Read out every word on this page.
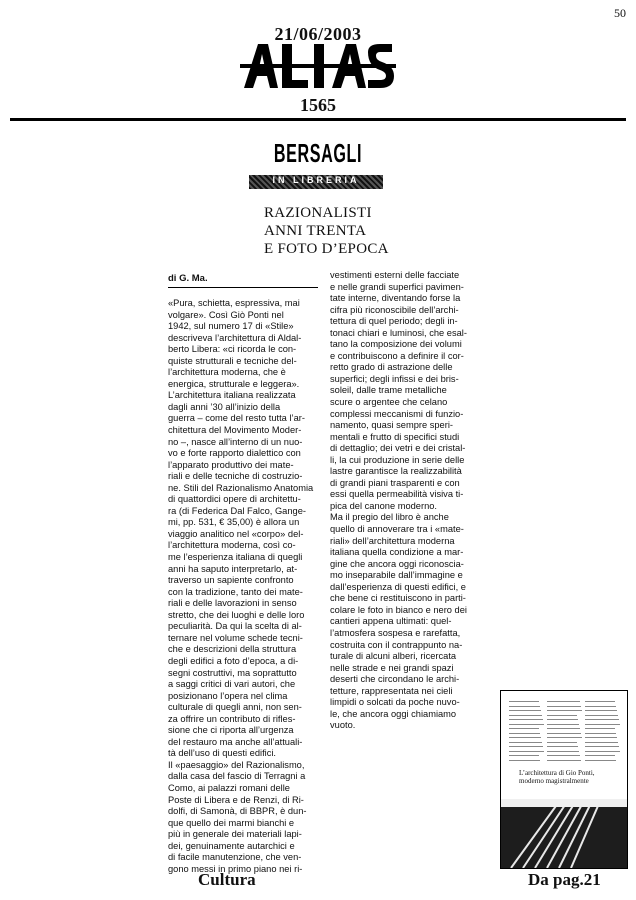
50
21/06/2003
1565
BERSAGLI
IN LIBRERIA
RAZIONALISTI
ANNI TRENTA
E FOTO D’EPOCA
di G. Ma.
«Pura, schietta, espressiva, mai
volgare». Così Giò Ponti nel
1942, sul numero 17 di «Stile»
descriveva l’architettura di Aldal-
berto Libera: «ci ricorda le con-
quiste strutturali e tecniche del-
l’architettura moderna, che è
energica, strutturale e leggera».
L’architettura italiana realizzata
dagli anni ’30 all’inizio della
guerra – come del resto tutta l’ar-
chitettura del Movimento Moder-
no –, nasce all’interno di un nuo-
vo e forte rapporto dialettico con
l’apparato produttivo dei mate-
riali e delle tecniche di costruzio-
ne. Stili del Razionalismo Anatomia
di quattordici opere di architettu-
ra (di Federica Dal Falco, Gange-
mi, pp. 531, € 35,00) è allora un
viaggio analitico nel «corpo» del-
l’architettura moderna, così co-
me l’esperienza italiana di quegli
anni ha saputo interpretarlo, at-
traverso un sapiente confronto
con la tradizione, tanto dei mate-
riali e delle lavorazioni in senso
stretto, che dei luoghi e delle loro
peculiarità. Da qui la scelta di al-
ternare nel volume schede tecni-
che e descrizioni della struttura
degli edifici a foto d’epoca, a di-
segni costruttivi, ma soprattutto
a saggi critici di vari autori, che
posizionano l’opera nel clima
culturale di quegli anni, non sen-
za offrire un contributo di rifles-
sione che ci riporta all’urgenza
del restauro ma anche all’attuali-
tà dell’uso di questi edifici.
Il «paesaggio» del Razionalismo,
dalla casa del fascio di Terragni a
Como, ai palazzi romani delle
Poste di Libera e de Renzi, di Ri-
dolfi, di Samonà, di BBPR, è dun-
que quello dei marmi bianchi e
più in generale dei materiali lapi-
dei, genuinamente autarchici e
di facile manutenzione, che ven-
gono messi in primo piano nei ri-
vestimenti esterni delle facciate
e nelle grandi superfici pavimen-
tate interne, diventando forse la
cifra più riconoscibile dell’archi-
tettura di quel periodo; degli in-
tonaci chiari e luminosi, che esal-
tano la composizione dei volumi
e contribuiscono a definire il cor-
retto grado di astrazione delle
superfici; degli infissi e dei bris-
soleil, dalle trame metalliche
scure o argentee che celano
complessi meccanismi di funzio-
namento, quasi sempre speri-
mentali e frutto di specifici studi
di dettaglio; dei vetri e dei cristal-
li, la cui produzione in serie delle
lastre garantisce la realizzabilità
di grandi piani trasparenti e con
essi quella permeabilità visiva ti-
pica del canone moderno.
Ma il pregio del libro è anche
quello di annoverare tra i «mate-
riali» dell’architettura moderna
italiana quella condizione a mar-
gine che ancora oggi riconoscia-
mo inseparabile dall’immagine e
dall’esperienza di questi edifici, e
che bene ci restituiscono in parti-
colare le foto in bianco e nero dei
cantieri appena ultimati: quel-
l’atmosfera sospesa e rarefatta,
costruita con il contrappunto na-
turale di alcuni alberi, ricercata
nelle strade e nei grandi spazi
deserti che circondano le archi-
tetture, rappresentata nei cieli
limpidi o solcati da poche nuvo-
le, che ancora oggi chiamiamo
vuoto.
L’architettura di Gio Ponti, moderno magistralmente
Cultura	Da pag.21
